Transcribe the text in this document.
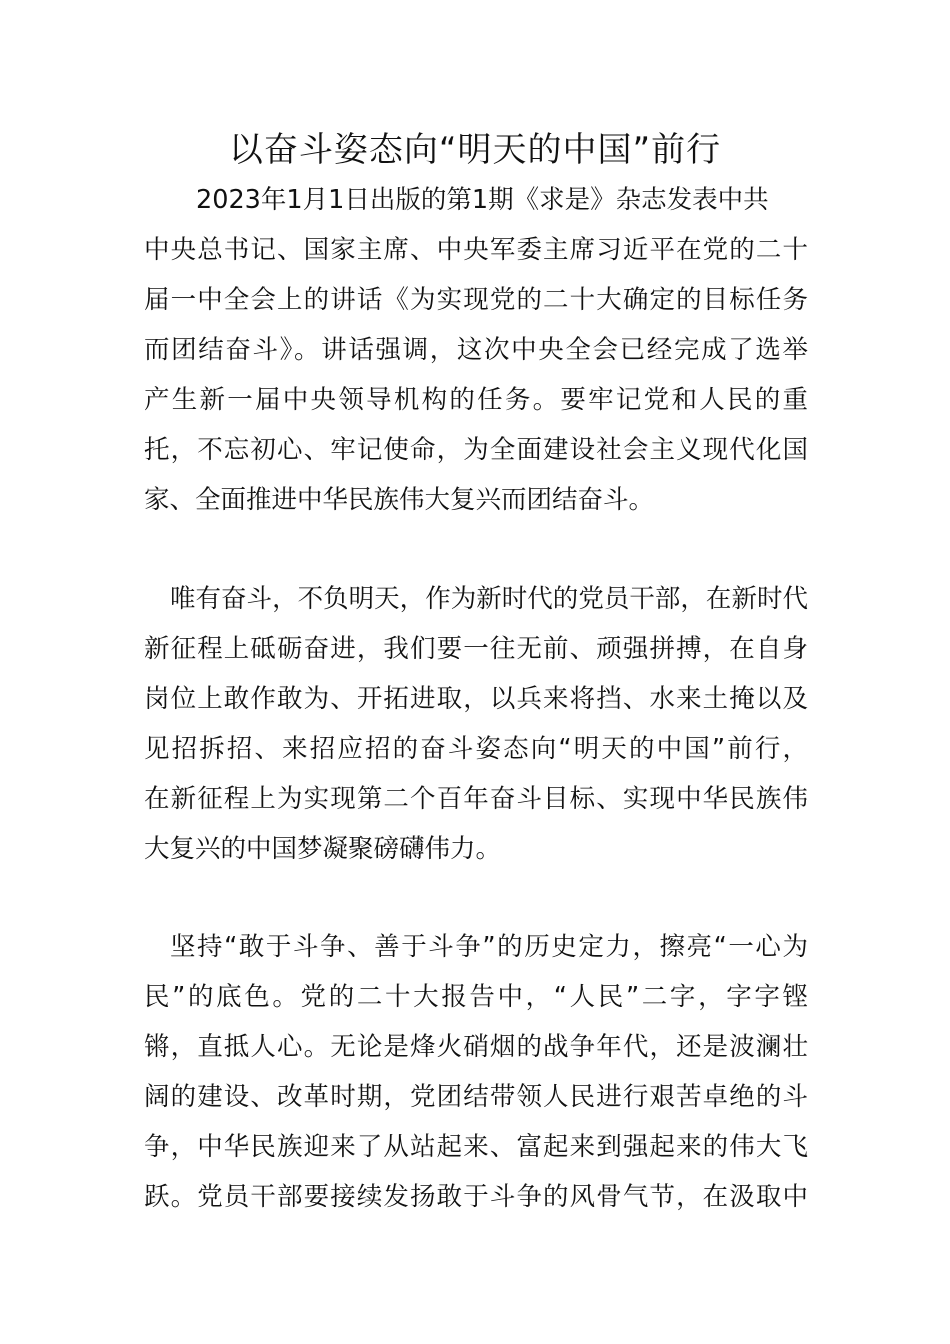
以奋斗姿态向“明天的中国”前行
2023年1月1日出版的第1期《求是》杂志发表中共
中央总书记、国家主席、中央军委主席习近平在党的二十
届一中全会上的讲话《为实现党的二十大确定的目标任务
而团结奋斗》。讲话强调，这次中央全会已经完成了选举
产生新一届中央领导机构的任务。要牢记党和人民的重
托，不忘初心、牢记使命，为全面建设社会主义现代化国
家、全面推进中华民族伟大复兴而团结奋斗。
唯有奋斗，不负明天，作为新时代的党员干部，在新时代
新征程上砥砺奋进，我们要一往无前、顽强拼搏，在自身
岗位上敢作敢为、开拓进取，以兵来将挡、水来土掩以及
见招拆招、来招应招的奋斗姿态向“明天的中国”前行，
在新征程上为实现第二个百年奋斗目标、实现中华民族伟
大复兴的中国梦凝聚磅礴伟力。
坚持“敢于斗争、善于斗争”的历史定力，擦亮“一心为
民”的底色。党的二十大报告中，“人民”二字，字字铿
锵，直抵人心。无论是烽火硝烟的战争年代，还是波澜壮
阔的建设、改革时期，党团结带领人民进行艰苦卓绝的斗
争，中华民族迎来了从站起来、富起来到强起来的伟大飞
跃。党员干部要接续发扬敢于斗争的风骨气节，在汲取中
